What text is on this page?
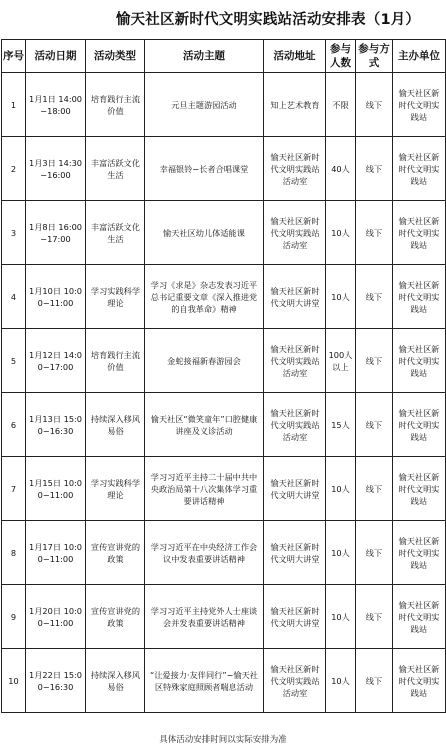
愉天社区新时代文明实践站活动安排表（1月）
序号	活动日期	活动类型	活动主题	活动地址	参与人数	参与方式	主办单位
1	1月1日 14:00−18:00	培育践行主流价值	元旦主题游园活动	知上艺术教育	不限	线下	愉天社区新时代文明实践站
2	1月3日 14:30−16:00	丰富活跃文化生活	幸福银铃−长者合唱课堂	愉天社区新时代文明实践站活动室	40人	线下	愉天社区新时代文明实践站
3	1月8日 16:00−17:00	丰富活跃文化生活	愉天社区幼儿体适能课	愉天社区新时代文明实践站活动室	10人	线下	愉天社区新时代文明实践站
4	1月10日 10:00−11:00	学习实践科学理论	学习《求是》杂志发表习近平总书记重要文章《深入推进党的自我革命》精神	愉天社区新时代文明大讲堂	10人	线下	愉天社区新时代文明实践站
5	1月12日 14:00−17:00	培育践行主流价值	金蛇接福新春游园会	愉天社区新时代文明实践站活动室	100人以上	线下	愉天社区新时代文明实践站
6	1月13日 15:00−16:30	持续深入移风易俗	愉天社区“微笑童年”口腔健康讲座及义诊活动	愉天社区新时代文明实践站活动室	15人	线下	愉天社区新时代文明实践站
7	1月15日 10:00−11:00	学习实践科学理论	学习习近平主持二十届中共中央政治局第十八次集体学习重要讲话精神	愉天社区新时代文明大讲堂	10人	线下	愉天社区新时代文明实践站
8	1月17日 10:00−11:00	宣传宣讲党的政策	学习习近平在中央经济工作会议中发表重要讲话精神	愉天社区新时代文明大讲堂	10人	线下	愉天社区新时代文明实践站
9	1月20日 10:00−11:00	宣传宣讲党的政策	学习习近平主持党外人士座谈会并发表重要讲话精神	愉天社区新时代文明大讲堂	10人	线下	愉天社区新时代文明实践站
10	1月22日 15:00−16:30	持续深入移风易俗	“让爱接力·友伴同行”−愉天社区特殊家庭照顾者喘息活动	愉天社区新时代文明实践站活动室	10人	线下	愉天社区新时代文明实践站
具体活动安排时间以实际安排为准
